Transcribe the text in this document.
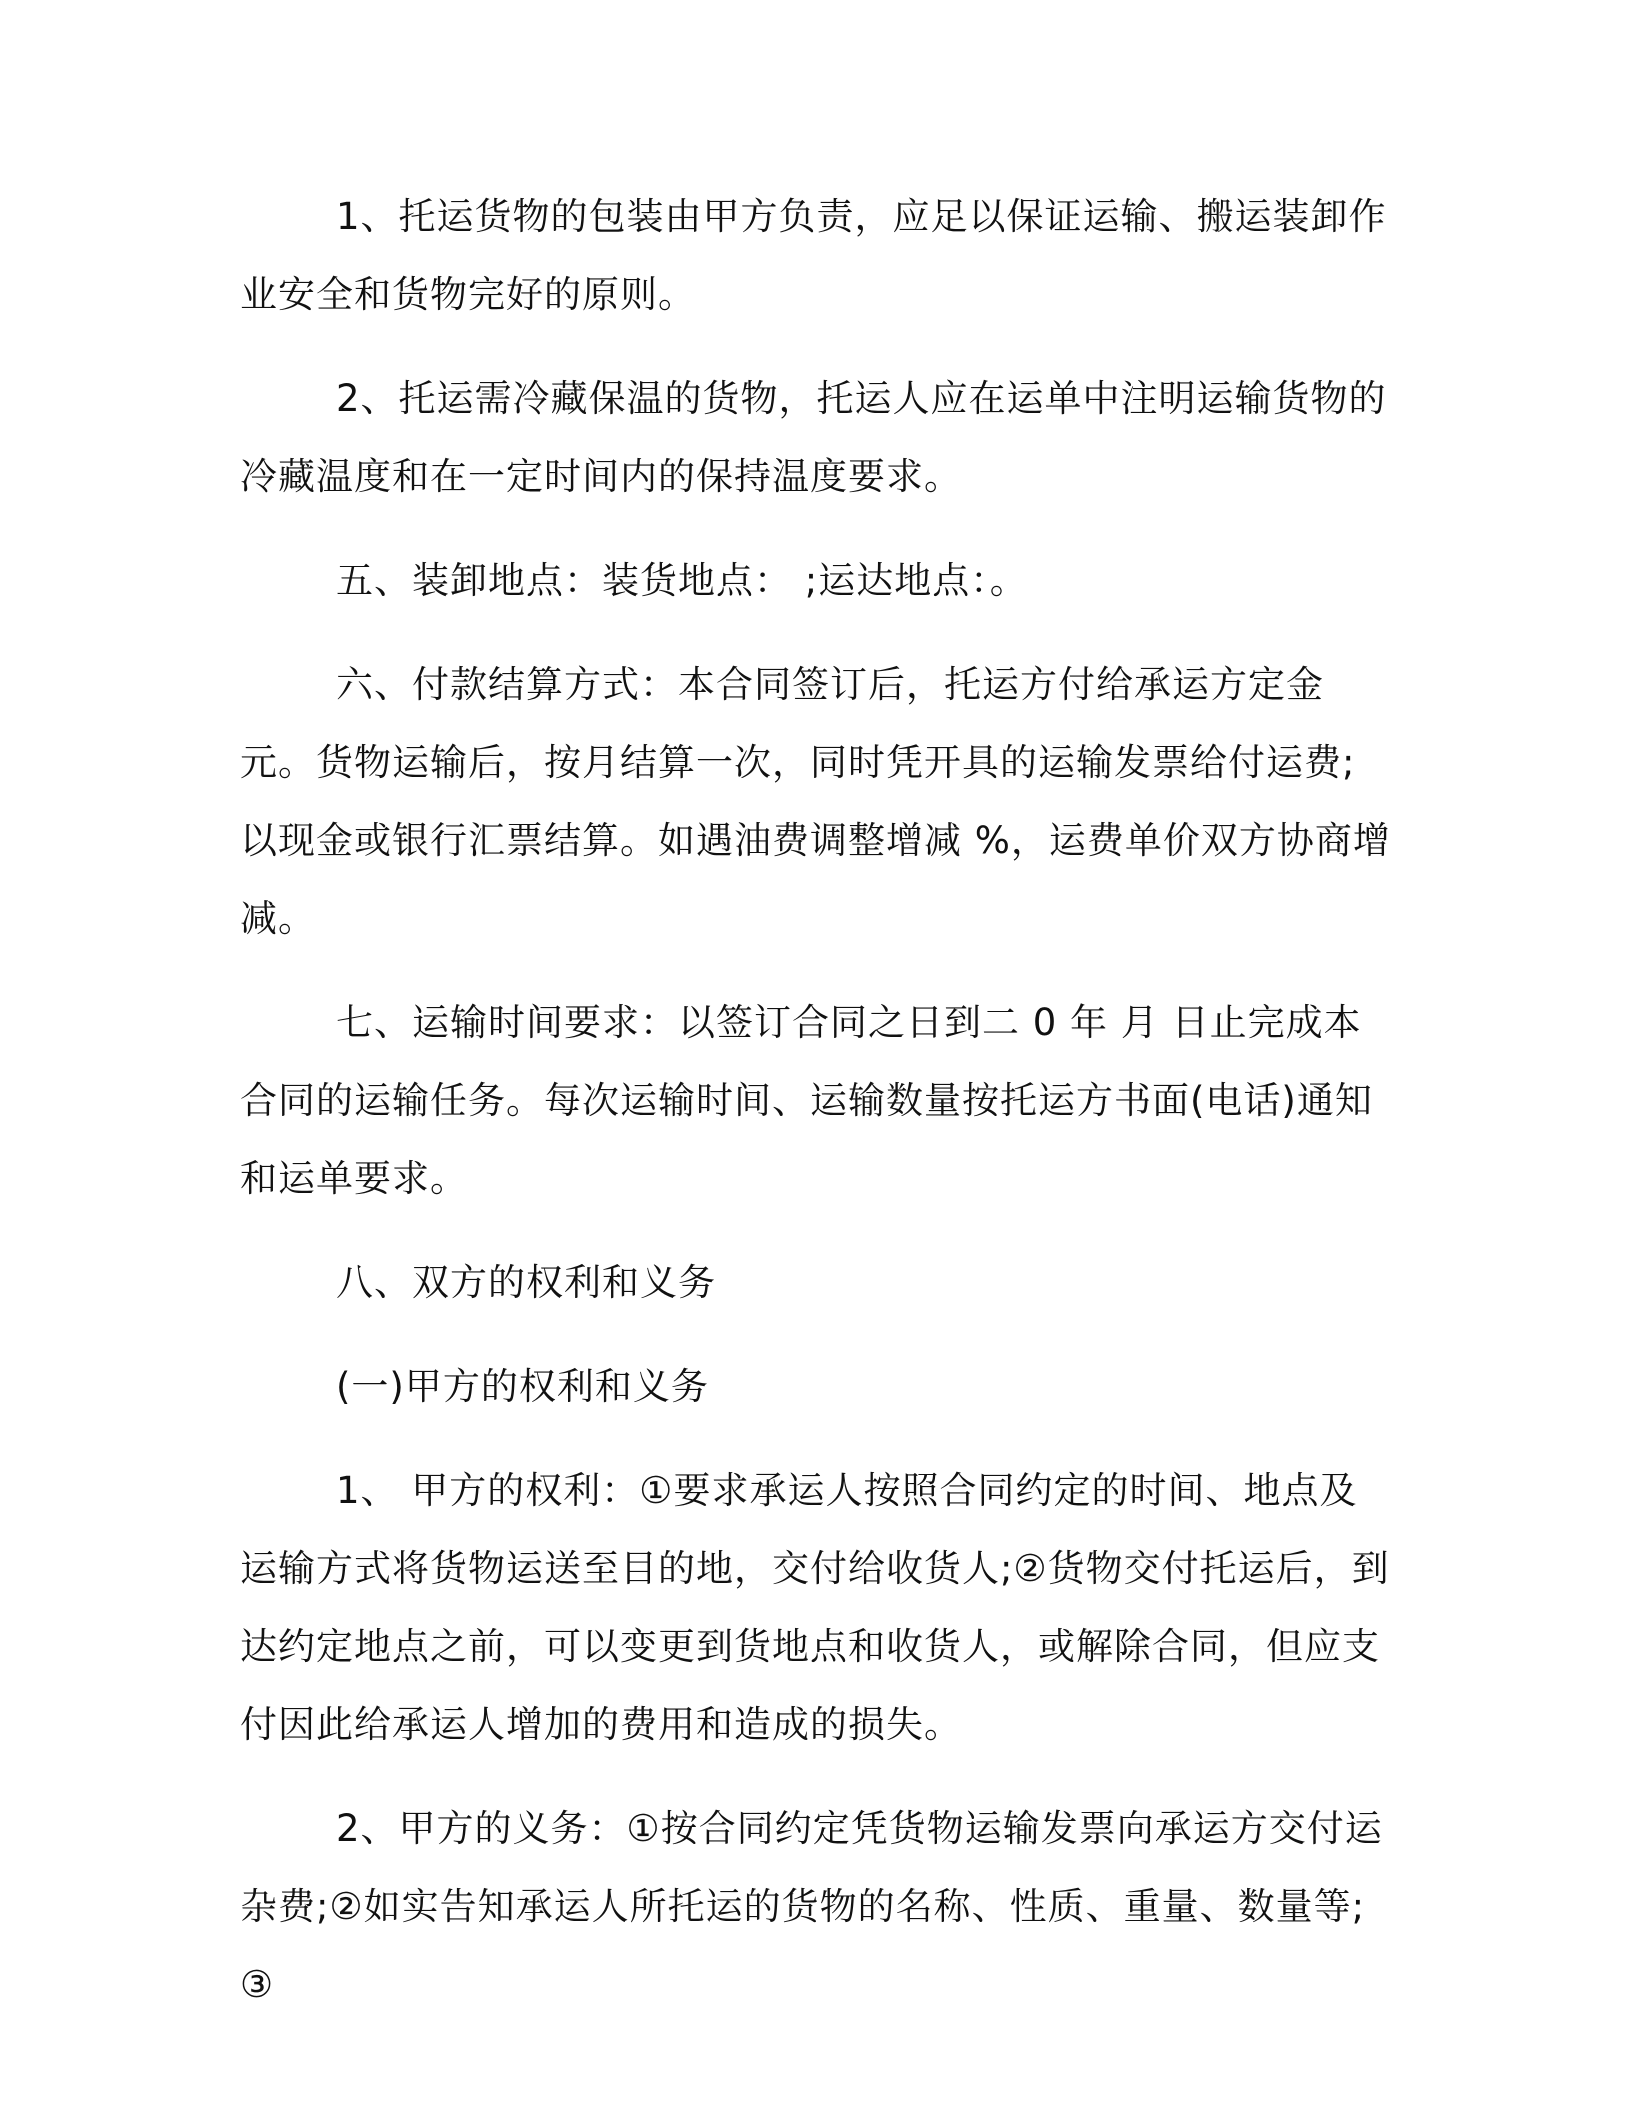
1、托运货物的包装由甲方负责，应足以保证运输、搬运装卸作业安全和货物完好的原则。

2、托运需冷藏保温的货物，托运人应在运单中注明运输货物的冷藏温度和在一定时间内的保持温度要求。

五、装卸地点：装货地点： ;运达地点：。

六、付款结算方式：本合同签订后，托运方付给承运方定金 元。货物运输后，按月结算一次，同时凭开具的运输发票给付运费;以现金或银行汇票结算。如遇油费调整增减 %，运费单价双方协商增减。

七、运输时间要求：以签订合同之日到二 0 年 月 日止完成本合同的运输任务。每次运输时间、运输数量按托运方书面(电话)通知和运单要求。

八、双方的权利和义务

(一)甲方的权利和义务

1、 甲方的权利：①要求承运人按照合同约定的时间、地点及运输方式将货物运送至目的地，交付给收货人;②货物交付托运后，到达约定地点之前，可以变更到货地点和收货人，或解除合同，但应支付因此给承运人增加的费用和造成的损失。

2、甲方的义务：①按合同约定凭货物运输发票向承运方交付运杂费;②如实告知承运人所托运的货物的名称、性质、重量、数量等;③
